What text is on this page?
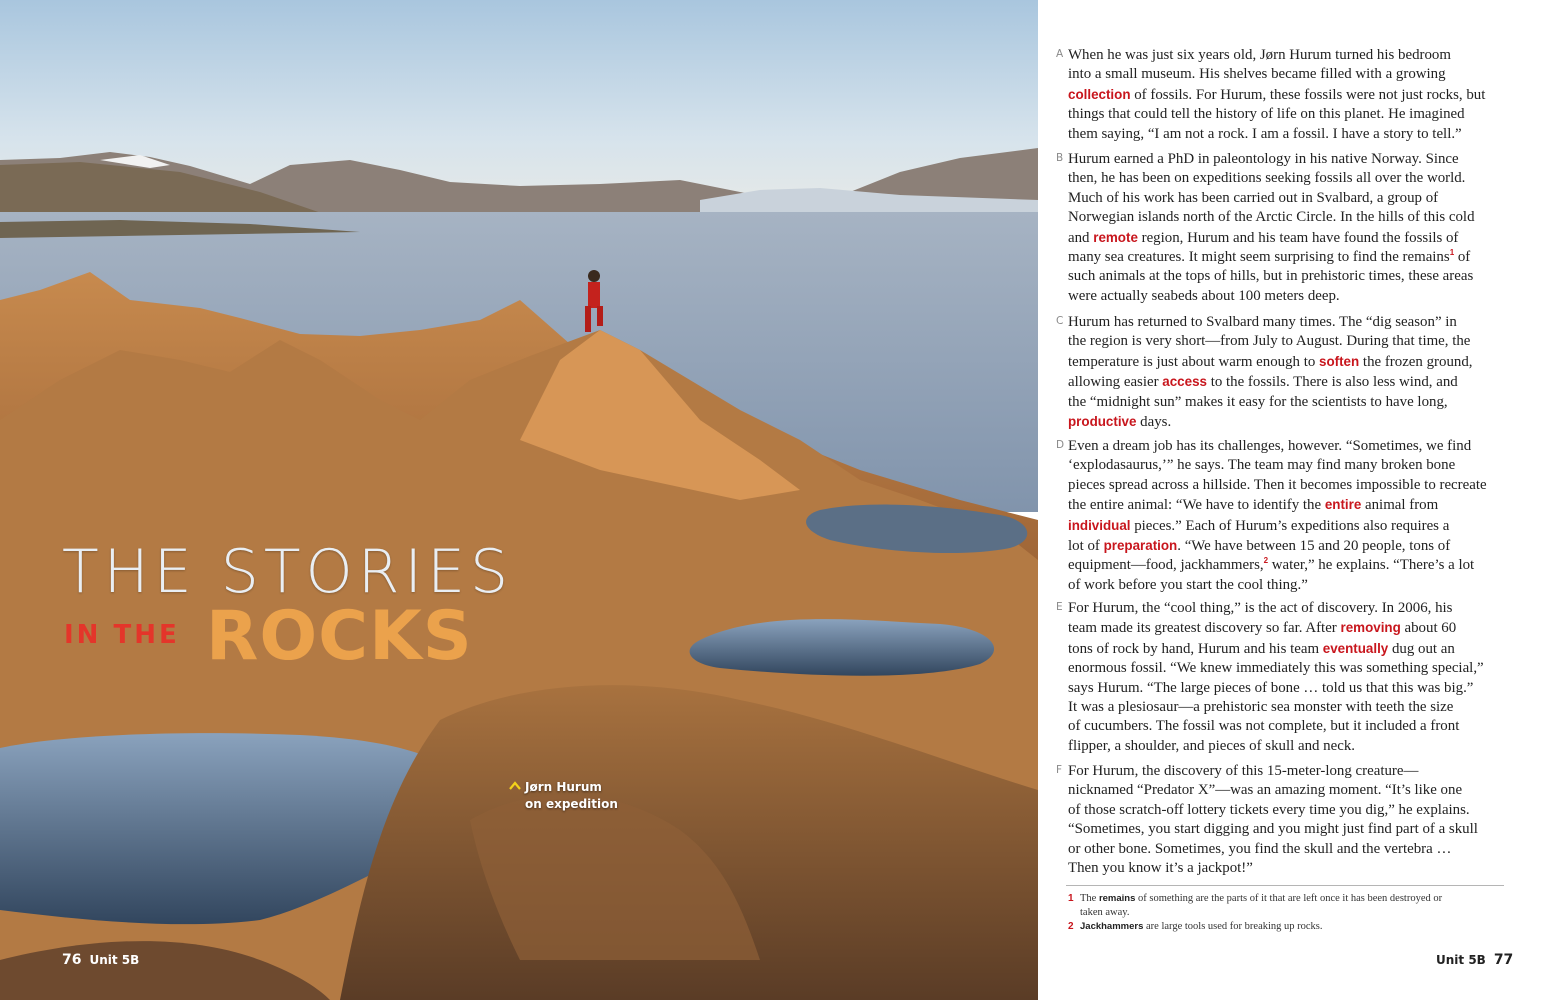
THE STORIES
IN THE ROCKS
Jørn Hurum
on expedition
76 Unit 5B
A When he was just six years old, Jørn Hurum turned his bedroom
into a small museum. His shelves became filled with a growing
collection of fossils. For Hurum, these fossils were not just rocks, but
things that could tell the history of life on this planet. He imagined
them saying, “I am not a rock. I am a fossil. I have a story to tell.”
B Hurum earned a PhD in paleontology in his native Norway. Since
then, he has been on expeditions seeking fossils all over the world.
Much of his work has been carried out in Svalbard, a group of
Norwegian islands north of the Arctic Circle. In the hills of this cold
and remote region, Hurum and his team have found the fossils of
many sea creatures. It might seem surprising to find the remains$^1$ of
such animals at the tops of hills, but in prehistoric times, these areas
were actually seabeds about 100 meters deep.
C Hurum has returned to Svalbard many times. The “dig season” in
the region is very short—from July to August. During that time, the
temperature is just about warm enough to soften the frozen ground,
allowing easier access to the fossils. There is also less wind, and
the “midnight sun” makes it easy for the scientists to have long,
productive days.
D Even a dream job has its challenges, however. “Sometimes, we find
‘explodasaurus,’” he says. The team may find many broken bone
pieces spread across a hillside. Then it becomes impossible to recreate
the entire animal: “We have to identify the entire animal from
individual pieces.” Each of Hurum’s expeditions also requires a
lot of preparation. “We have between 15 and 20 people, tons of
equipment—food, jackhammers,$^2$ water,” he explains. “There’s a lot
of work before you start the cool thing.”
E For Hurum, the “cool thing,” is the act of discovery. In 2006, his
team made its greatest discovery so far. After removing about 60
tons of rock by hand, Hurum and his team eventually dug out an
enormous fossil. “We knew immediately this was something special,”
says Hurum. “The large pieces of bone … told us that this was big.”
It was a plesiosaur—a prehistoric sea monster with teeth the size
of cucumbers. The fossil was not complete, but it included a front
flipper, a shoulder, and pieces of skull and neck.
F For Hurum, the discovery of this 15-meter-long creature—
nicknamed “Predator X”—was an amazing moment. “It’s like one
of those scratch-off lottery tickets every time you dig,” he explains.
“Sometimes, you start digging and you might just find part of a skull
or other bone. Sometimes, you find the skull and the vertebra …
Then you know it’s a jackpot!”
1 The remains of something are the parts of it that are left once it has been destroyed or
taken away.
2 Jackhammers are large tools used for breaking up rocks.
Unit 5B 77
